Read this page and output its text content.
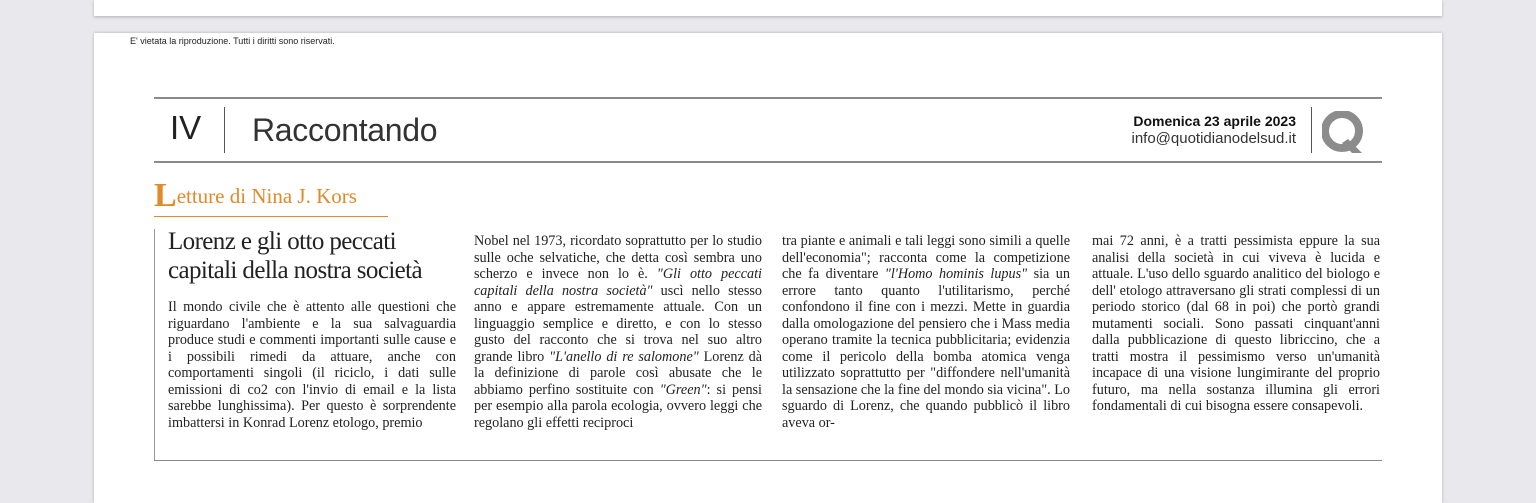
E' vietata la riproduzione. Tutti i diritti sono riservati.
IV Raccontando	Domenica 23 aprile 2023
info@quotidianodelsud.it
Letture di Nina J. Kors
Lorenz e gli otto peccati
capitali della nostra società

Il mondo civile che è attento alle questioni che riguardano l'ambiente e la sua salvaguardia produce studi e commenti importanti sulle cause e i possibili rimedi da attuare, anche con comportamenti singoli (il riciclo, i dati sulle emissioni di co2 con l'invio di email e la lista sarebbe lunghissima). Per questo è sorprendente imbattersi in Konrad Lorenz etologo, premio

Nobel nel 1973, ricordato soprattutto per lo studio sulle oche selvatiche, che detta così sembra uno scherzo e invece non lo è. "Gli otto peccati capitali della nostra società" uscì nello stesso anno e appare estremamente attuale. Con un linguaggio semplice e diretto, e con lo stesso gusto del racconto che si trova nel suo altro grande libro "L'anello di re salomone" Lorenz dà la definizione di parole così abusate che le abbiamo perfino sostituite con "Green": si pensi per esempio alla parola ecologia, ovvero leggi che regolano gli effetti reciproci

tra piante e animali e tali leggi sono simili a quelle dell'economia"; racconta come la competizione che fa diventare "l'Homo hominis lupus" sia un errore tanto quanto l'utilitarismo, perché confondono il fine con i mezzi. Mette in guardia dalla omologazione del pensiero che i Mass media operano tramite la tecnica pubblicitaria; evidenzia come il pericolo della bomba atomica venga utilizzato soprattutto per "diffondere nell'umanità la sensazione che la fine del mondo sia vicina". Lo sguardo di Lorenz, che quando pubblicò il libro aveva or-

mai 72 anni, è a tratti pessimista eppure la sua analisi della società in cui viveva è lucida e attuale. L'uso dello sguardo analitico del biologo e dell' etologo attraversano gli strati complessi di un periodo storico (dal 68 in poi) che portò grandi mutamenti sociali. Sono passati cinquant'anni dalla pubblicazione di questo libriccino, che a tratti mostra il pessimismo verso un'umanità incapace di una visione lungimirante del proprio futuro, ma nella sostanza illumina gli errori fondamentali di cui bisogna essere consapevoli.
